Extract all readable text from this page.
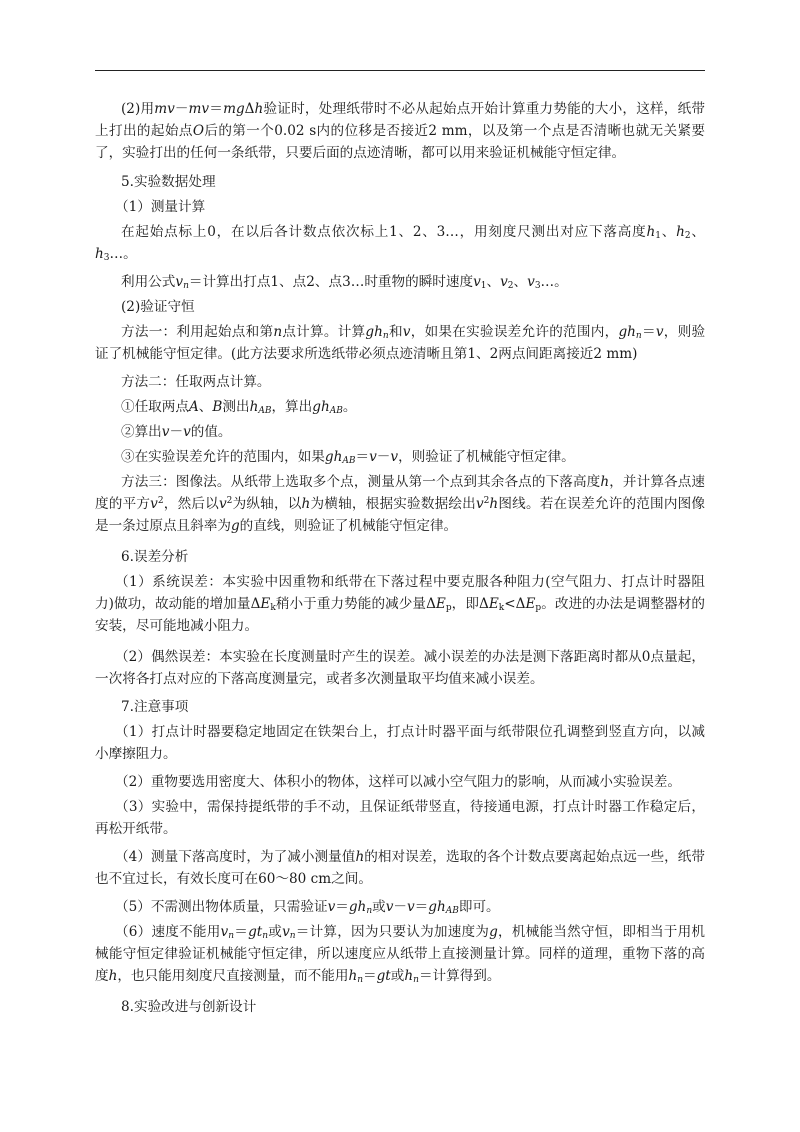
(2)用mv－mv＝mgΔh验证时，处理纸带时不必从起始点开始计算重力势能的大小，这样，纸带上打出的起始点O后的第一个0.02 s内的位移是否接近2 mm，以及第一个点是否清晰也就无关紧要了，实验打出的任何一条纸带，只要后面的点迹清晰，都可以用来验证机械能守恒定律。

5.实验数据处理

（1）测量计算

在起始点标上0，在以后各计数点依次标上1、2、3…，用刻度尺测出对应下落高度$h_1$、$h_2$、$h_3\dots$。

利用公式$v_n=$计算出打点1、点2、点3…时重物的瞬时速度$v_1$、$v_2$、$v_3\dots$。

(2)验证守恒

方法一：利用起始点和第n点计算。计算$gh_n$和v，如果在实验误差允许的范围内，$gh_n=v$，则验证了机械能守恒定律。(此方法要求所选纸带必须点迹清晰且第1、2两点间距离接近2 mm)

方法二：任取两点计算。

①任取两点A、B测出$h_{AB}$，算出$gh_{AB}$。

②算出v－v的值。

③在实验误差允许的范围内，如果$gh_{AB}=v-v$，则验证了机械能守恒定律。

方法三：图像法。从纸带上选取多个点，测量从第一个点到其余各点的下落高度h，并计算各点速度的平方$v^2$，然后以$v^2$为纵轴，以h为横轴，根据实验数据绘出$v^2h$图线。若在误差允许的范围内图像是一条过原点且斜率为g的直线，则验证了机械能守恒定律。

6.误差分析

（1）系统误差：本实验中因重物和纸带在下落过程中要克服各种阻力(空气阻力、打点计时器阻力)做功，故动能的增加量$\Delta E_k$稍小于重力势能的减少量$\Delta E_p$，即$\Delta E_k<\Delta E_p$。改进的办法是调整器材的安装，尽可能地减小阻力。

（2）偶然误差：本实验在长度测量时产生的误差。减小误差的办法是测下落距离时都从0点量起，一次将各打点对应的下落高度测量完，或者多次测量取平均值来减小误差。

7.注意事项

（1）打点计时器要稳定地固定在铁架台上，打点计时器平面与纸带限位孔调整到竖直方向，以减小摩擦阻力。

（2）重物要选用密度大、体积小的物体，这样可以减小空气阻力的影响，从而减小实验误差。

（3）实验中，需保持提纸带的手不动，且保证纸带竖直，待接通电源，打点计时器工作稳定后，再松开纸带。

（4）测量下落高度时，为了减小测量值h的相对误差，选取的各个计数点要离起始点远一些，纸带也不宜过长，有效长度可在60～80 cm之间。

（5）不需测出物体质量，只需验证$v=gh_n$或$v-v=gh_{AB}$即可。

（6）速度不能用$v_n=gt_n$或$v_n=$计算，因为只要认为加速度为g，机械能当然守恒，即相当于用机械能守恒定律验证机械能守恒定律，所以速度应从纸带上直接测量计算。同样的道理，重物下落的高度h，也只能用刻度尺直接测量，而不能用$h_n=gt$或$h_n=$计算得到。

8.实验改进与创新设计
